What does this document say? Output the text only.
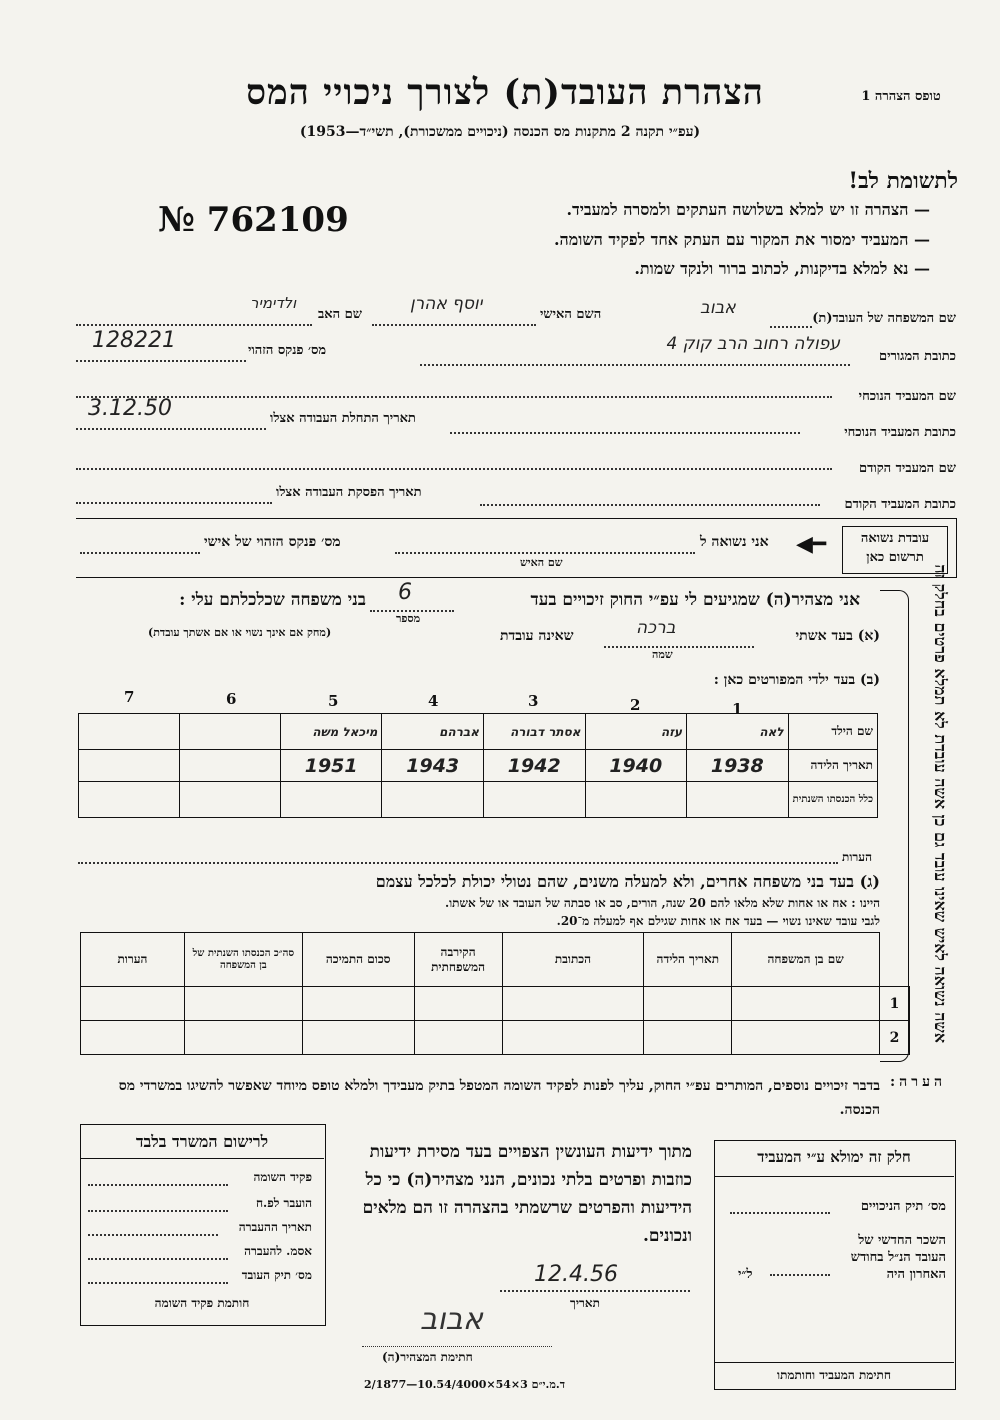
טופס הצהרה 1
הצהרת העובד(ת) לצורך ניכויי המס
(עפ״י תקנה 2 מתקנות מס הכנסה (ניכויים ממשכורת), תשי״ד—1953)
№ 762109
לתשומת לב!
— הצהרה זו יש למלא בשלושה העתקים ולמסרה למעביד.
— המעביד ימסור את המקור עם העתק אחד לפקיד השומה.
— נא למלא בדיקנות, לכתוב ברור ולנקד שמות.
שם המשפחה של העובד(ת)
אבוב
השם האישי
יוסף אהרן
שם האב
ולדימיר
כתובת המגורים
עפולה רחוב הרב קוק 4
מס׳ פנקס הזהוי
128221
שם המעביד הנוכחי
כתובת המעביד הנוכחי
תאריך התחלת העבודה אצלו
3.12.50
שם המעביד הקודם
כתובת המעביד הקודם
תאריך הפסקת העבודה אצלו
עובדת נשואה תרשום כאן
אני נשואה ל ◀━
שם האיש
מס׳ פנקס הזהוי של אישי
אשה נשואה לאיש שאינו עובד גם כן אשה עובדת לא תמלא פרטים בחלק זה
אני מצהיר(ה) שמגיעים לי עפ״י החוק זיכויים בעד
6
בני משפחה שכלכלתם עלי :
מספר
(א) בעד אשתי
ברכה
שאינה עובדת
(מחק אם אינך נשוי או אם אשתך עובדת)
שמה
(ב) בעד ילדי המפורטים כאן :
שם הילד	לאה	עזה	אסתר דבורה	אברהם	מיכאל משה		
תאריך הלידה	1938	1940	1942	1943	1951		
כלל הכנסתו השנתית							
1
2
3
4
5
6
7
הערות
(ג) בעד בני משפחה אחרים, ולא למעלה משנים, שהם נטולי יכולת לכלכל עצמם
היינו : אח או אחות שלא מלאו להם 20 שנה, הורים, סב או סבתה של העובד או של אשתו.
לגבי עובד שאינו נשוי — בעד אח או אחות שגילם אף למעלה מ־20.
	שם בן המשפחה	תאריך הלידה	הכתובת	הקירבה המשפחתית	סכום התמיכה	סה״כ הכנסתו השנתית של בן המשפחה	הערות
1							
2							
הערה:
בדבר זיכויים נוספים, המותרים עפ״י החוק, עליך לפנות לפקיד השומה המטפל בתיק מעבידך ולמלא טופס מיוחד שאפשר להשיגו במשרדי מס הכנסה.
חלק זה ימולא ע״י המעביד
מס׳ תיק הניכויים
השכר החדשי של העובד הנ״ל בחודש האחרון היה
ל״י
חתימת המעביד וחותמתו
מתוך ידיעות העונשין הצפויים בעד מסירת ידיעות כוזבות ופרטים בלתי נכונים, הנני מצהיר(ה) כי כל הידיעות והפרטים שרשמתי בהצהרה זו הם מלאים ונכונים.
12.4.56
תאריך
אבוב
חתימת המצהיר(ה)
ד.מ.י״ם 3×54×10.54/4000—2/1877
לרישום המשרד בלבד
פקיד השומה
הועבר לפ.ח
תאריך ההעברה
אסמ. להעברה
מס׳ תיק העובד
חותמת פקיד השומה
